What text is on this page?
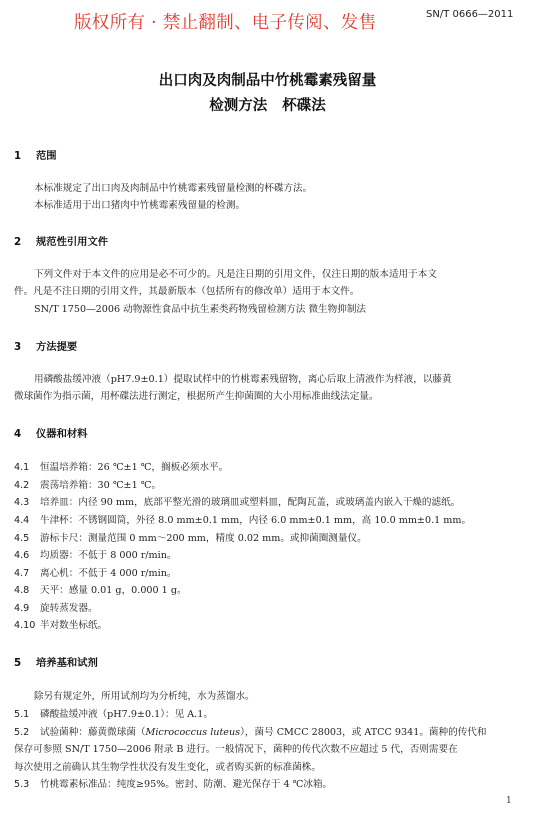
版权所有 · 禁止翻制、电子传阅、发售	SN/T 0666—2011
出口肉及肉制品中竹桃霉素残留量
检测方法 杯碟法
1 范围
本标准规定了出口肉及肉制品中竹桃霉素残留量检测的杯碟方法。
本标准适用于出口猪肉中竹桃霉素残留量的检测。
2 规范性引用文件
下列文件对于本文件的应用是必不可少的。凡是注日期的引用文件，仅注日期的版本适用于本文
件。凡是不注日期的引用文件，其最新版本（包括所有的修改单）适用于本文件。
SN/T 1750—2006 动物源性食品中抗生素类药物残留检测方法 微生物抑制法
3 方法提要
用磷酸盐缓冲液（pH7.9±0.1）提取试样中的竹桃霉素残留物，离心后取上清液作为样液，以藤黄
微球菌作为指示菌，用杯碟法进行测定，根据所产生抑菌圈的大小用标准曲线法定量。
4 仪器和材料
4.1 恒温培养箱：26 ℃±1 ℃，搁板必须水平。
4.2 震荡培养箱：30 ℃±1 ℃。
4.3 培养皿：内径 90 mm，底部平整光滑的玻璃皿或塑料皿，配陶瓦盖，或玻璃盖内嵌入干燥的滤纸。
4.4 牛津杯：不锈钢圆筒，外径 8.0 mm±0.1 mm，内径 6.0 mm±0.1 mm，高 10.0 mm±0.1 mm。
4.5 游标卡尺：测量范围 0 mm～200 mm，精度 0.02 mm。或抑菌圈测量仪。
4.6 均质器：不低于 8 000 r/min。
4.7 离心机：不低于 4 000 r/min。
4.8 天平：感量 0.01 g，0.000 1 g。
4.9 旋转蒸发器。
4.10 半对数坐标纸。
5 培养基和试剂
除另有规定外，所用试剂均为分析纯，水为蒸馏水。
5.1 磷酸盐缓冲液（pH7.9±0.1）：见 A.1。
5.2 试验菌种：藤黄微球菌（Micrococcus luteus），菌号 CMCC 28003，或 ATCC 9341。菌种的传代和
保存可参照 SN/T 1750—2006 附录 B 进行。一般情况下，菌种的传代次数不应超过 5 代，否则需要在
每次使用之前确认其生物学性状没有发生变化，或者购买新的标准菌株。
5.3 竹桃霉素标准品：纯度≥95%。密封、防潮、避光保存于 4 ℃冰箱。
1
